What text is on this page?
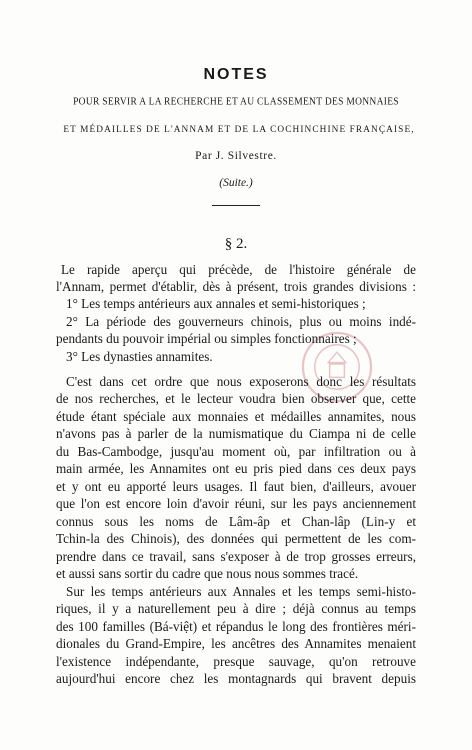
NOTES
POUR SERVIR A LA RECHERCHE ET AU CLASSEMENT DES MONNAIES
ET MÉDAILLES DE L'ANNAM ET DE LA COCHINCHINE FRANÇAISE,
Par J. Silvestre.
(Suite.)
§ 2.
Le rapide aperçu qui précède, de l'histoire générale de
l'Annam, permet d'établir, dès à présent, trois grandes divisions :
1° Les temps antérieurs aux annales et semi-historiques ;
2° La période des gouverneurs chinois, plus ou moins indé-
pendants du pouvoir impérial ou simples fonctionnaires ;
3° Les dynasties annamites.
C'est dans cet ordre que nous exposerons donc les résultats
de nos recherches, et le lecteur voudra bien observer que, cette
étude étant spéciale aux monnaies et médailles annamites, nous
n'avons pas à parler de la numismatique du Ciampa ni de celle
du Bas-Cambodge, jusqu'au moment où, par infiltration ou à
main armée, les Annamites ont eu pris pied dans ces deux pays
et y ont eu apporté leurs usages. Il faut bien, d'ailleurs, avouer
que l'on est encore loin d'avoir réuni, sur les pays anciennement
connus sous les noms de Lâm-âp et Chan-lâp (Lin-y et
Tchin-la des Chinois), des données qui permettent de les com-
prendre dans ce travail, sans s'exposer à de trop grosses erreurs,
et aussi sans sortir du cadre que nous nous sommes tracé.
Sur les temps antérieurs aux Annales et les temps semi-histo-
riques, il y a naturellement peu à dire ; déjà connus au temps
des 100 familles (Bá-việt) et répandus le long des frontières méri-
dionales du Grand-Empire, les ancêtres des Annamites menaient
l'existence indépendante, presque sauvage, qu'on retrouve
aujourd'hui encore chez les montagnards qui bravent depuis
